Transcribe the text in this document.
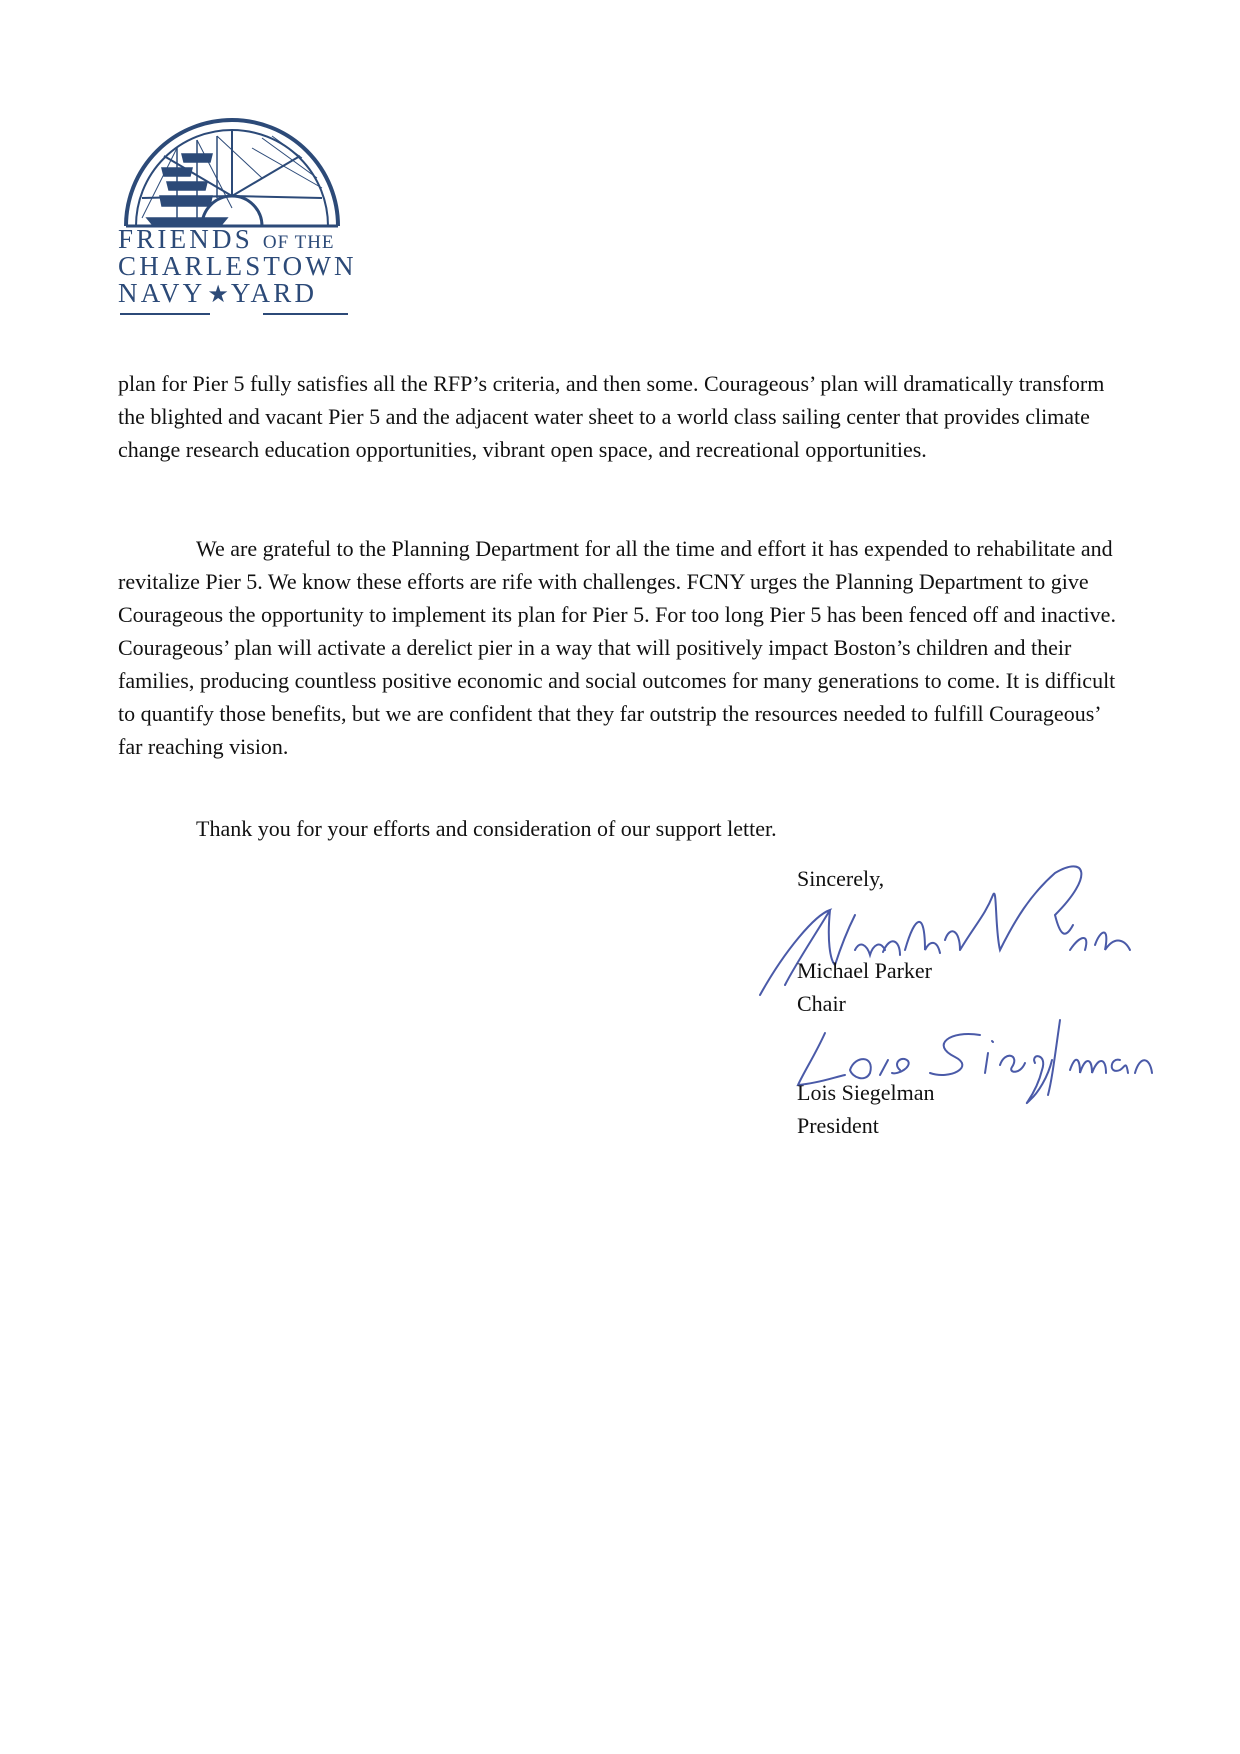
FRIENDS OF THE
CHARLESTOWN
NAVY★YARD

plan for Pier 5 fully satisfies all the RFP’s criteria, and then some. Courageous’ plan will dramatically transform the blighted and vacant Pier 5 and the adjacent water sheet to a world class sailing center that provides climate change research education opportunities, vibrant open space, and recreational opportunities.

We are grateful to the Planning Department for all the time and effort it has expended to rehabilitate and revitalize Pier 5. We know these efforts are rife with challenges. FCNY urges the Planning Department to give Courageous the opportunity to implement its plan for Pier 5. For too long Pier 5 has been fenced off and inactive. Courageous’ plan will activate a derelict pier in a way that will positively impact Boston’s children and their families, producing countless positive economic and social outcomes for many generations to come. It is difficult to quantify those benefits, but we are confident that they far outstrip the resources needed to fulfill Courageous’ far reaching vision.

Thank you for your efforts and consideration of our support letter.

Sincerely,
Michael Parker
Chair
Lois Siegelman
President
